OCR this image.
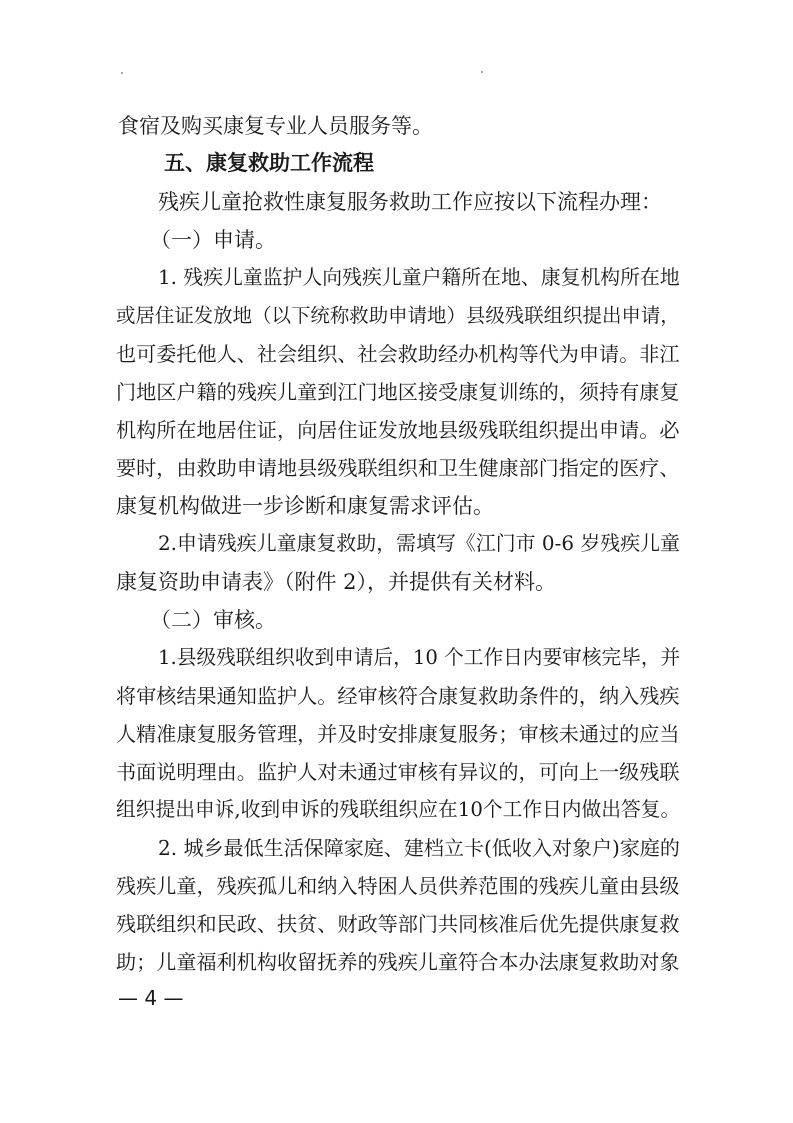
食宿及购买康复专业人员服务等。
五、康复救助工作流程
残疾儿童抢救性康复服务救助工作应按以下流程办理：
（一）申请。
1. 残疾儿童监护人向残疾儿童户籍所在地、康复机构所在地
或居住证发放地（以下统称救助申请地）县级残联组织提出申请，
也可委托他人、社会组织、社会救助经办机构等代为申请。非江
门地区户籍的残疾儿童到江门地区接受康复训练的，须持有康复
机构所在地居住证，向居住证发放地县级残联组织提出申请。必
要时，由救助申请地县级残联组织和卫生健康部门指定的医疗、
康复机构做进一步诊断和康复需求评估。
2.申请残疾儿童康复救助，需填写《江门市 0-6 岁残疾儿童
康复资助申请表》（附件 2），并提供有关材料。
（二）审核。
1.县级残联组织收到申请后，10 个工作日内要审核完毕，并
将审核结果通知监护人。经审核符合康复救助条件的，纳入残疾
人精准康复服务管理，并及时安排康复服务；审核未通过的应当
书面说明理由。监护人对未通过审核有异议的，可向上一级残联
组织提出申诉,收到申诉的残联组织应在10个工作日内做出答复。
2. 城乡最低生活保障家庭、建档立卡(低收入对象户)家庭的
残疾儿童，残疾孤儿和纳入特困人员供养范围的残疾儿童由县级
残联组织和民政、扶贫、财政等部门共同核准后优先提供康复救
助；儿童福利机构收留抚养的残疾儿童符合本办法康复救助对象
— 4 —
